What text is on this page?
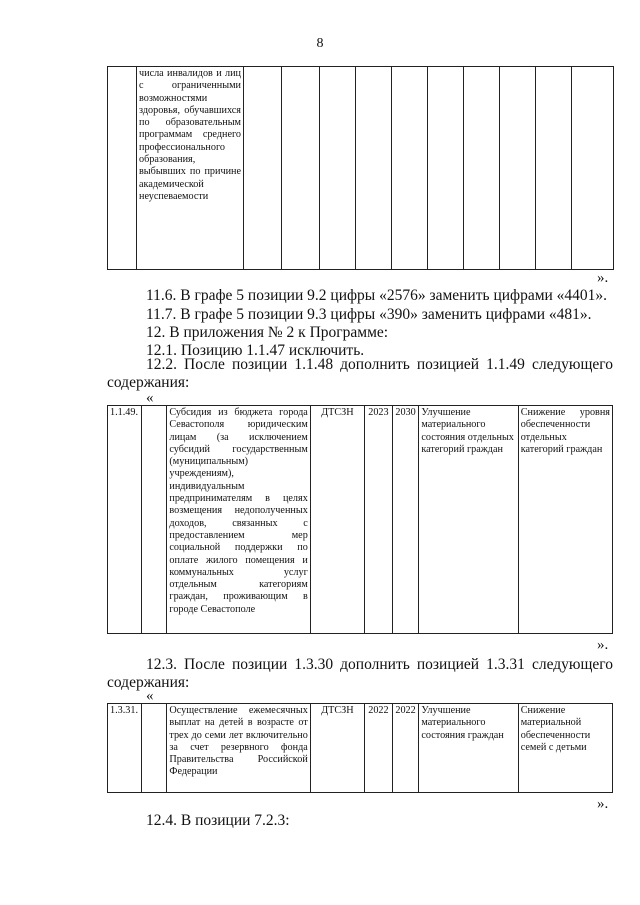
8
	числа инвалидов и лиц с ограниченными возможностями здоровья, обучавшихся по образовательным программам среднего профессионального образования, выбывших по причине академической неуспеваемости										
».
11.6. В графе 5 позиции 9.2 цифры «2576» заменить цифрами «4401».
11.7. В графе 5 позиции 9.3 цифры «390» заменить цифрами «481».
12. В приложения № 2 к Программе:
12.1. Позицию 1.1.47 исключить.
12.2. После позиции 1.1.48 дополнить позицией 1.1.49 следующего содержания:
«
1.1.49.		Субсидия из бюджета города Севастополя юридическим лицам (за исключением субсидий государственным (муниципальным) учреждениям), индивидуальным предпринимателям в целях возмещения недополученных доходов, связанных с предоставлением мер социальной поддержки по оплате жилого помещения и коммунальных услуг отдельным категориям граждан, проживающим в городе Севастополе	ДТСЗН	2023	2030	Улучшение материального состояния отдельных категорий граждан	Снижение уровня обеспеченности отдельных категорий граждан
».
12.3. После позиции 1.3.30 дополнить позицией 1.3.31 следующего содержания:
«
1.3.31.		Осуществление ежемесячных выплат на детей в возрасте от трех до семи лет включительно за счет резервного фонда Правительства Российской Федерации	ДТСЗН	2022	2022	Улучшение материального состояния граждан	Снижение материальной обеспеченности семей с детьми
».
12.4. В позиции 7.2.3:
